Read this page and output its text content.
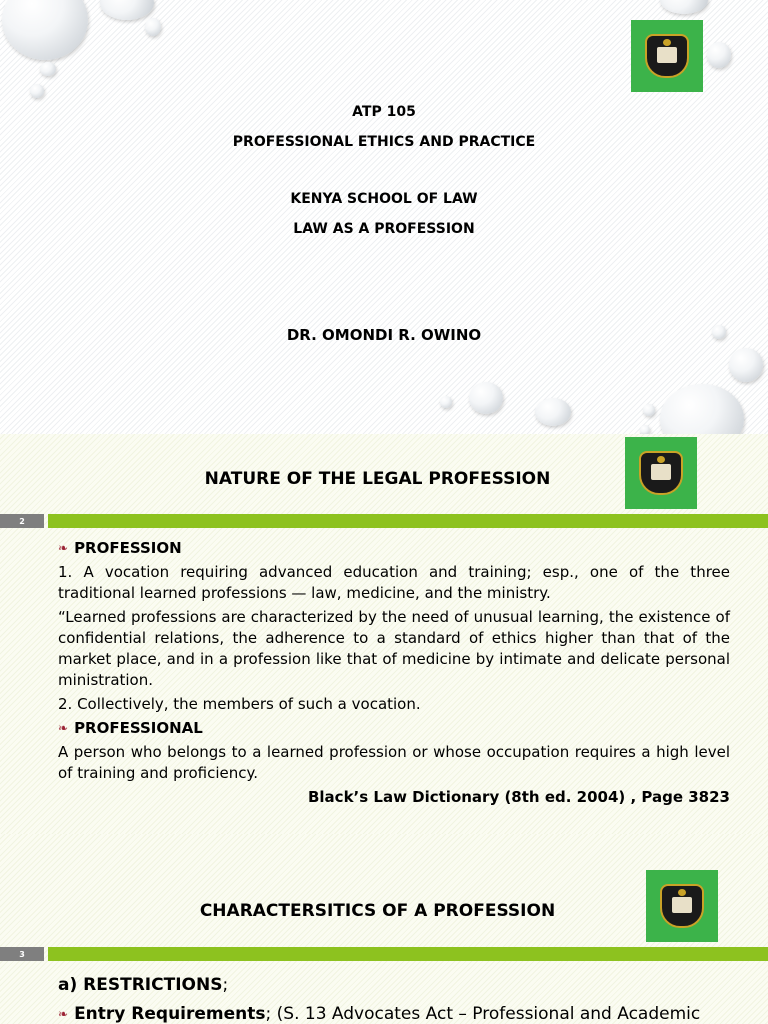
ATP 105
PROFESSIONAL ETHICS AND PRACTICE
KENYA SCHOOL OF LAW
LAW AS A PROFESSION
DR. OMONDI R. OWINO
NATURE OF THE LEGAL PROFESSION
2
❧ PROFESSION
1. A vocation requiring advanced education and training; esp., one of the three traditional learned professions — law, medicine, and the ministry.
“Learned professions are characterized by the need of unusual learning, the existence of confidential relations, the adherence to a standard of ethics higher than that of the market place, and in a profession like that of medicine by intimate and delicate personal ministration.
2. Collectively, the members of such a vocation.
❧ PROFESSIONAL
A person who belongs to a learned profession or whose occupation requires a high level of training and proficiency.
Black’s Law Dictionary (8th ed. 2004) , Page 3823
CHARACTERSITICS OF A PROFESSION
3
a) RESTRICTIONS;
❧ Entry Requirements ; (S. 13 Advocates Act – Professional and Academic
